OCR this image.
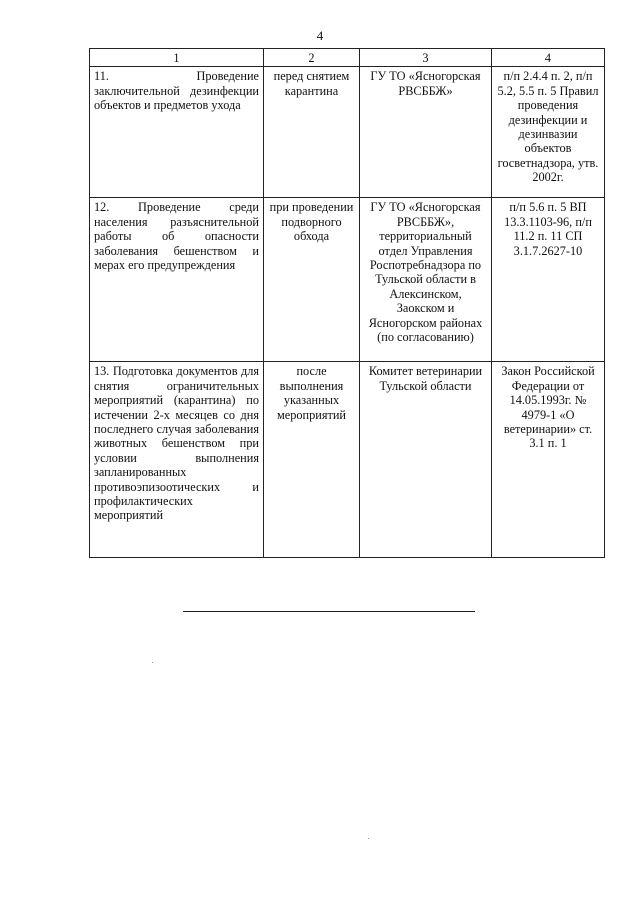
4
1	2	3	4
11. Проведение заключительной дезинфекции объектов и предметов ухода	перед снятием карантина	ГУ ТО «Ясногорская РВСББЖ»	п/п 2.4.4 п. 2, п/п 5.2, 5.5 п. 5 Правил проведения дезинфекции и дезинвазии объектов госветнадзора, утв. 2002г.
12. Проведение среди населения разъяснительной работы об опасности заболевания бешенством и мерах его предупреждения	при проведении подворного обхода	ГУ ТО «Ясногорская РВСББЖ», территориальный отдел Управления Роспотребнадзора по Тульской области в Алексинском, Заокском и Ясногорском районах (по согласованию)	п/п 5.6 п. 5 ВП 13.3.1103-96, п/п 11.2 п. 11 СП 3.1.7.2627-10
13. Подготовка документов для снятия ограничительных мероприятий (карантина) по истечении 2-х месяцев со дня последнего случая заболевания животных бешенством при условии выполнения запланированных противоэпизоотических и профилактических мероприятий	после выполнения указанных мероприятий	Комитет ветеринарии Тульской области	Закон Российской Федерации от 14.05.1993г. № 4979-1 «О ветеринарии» ст. 3.1 п. 1
